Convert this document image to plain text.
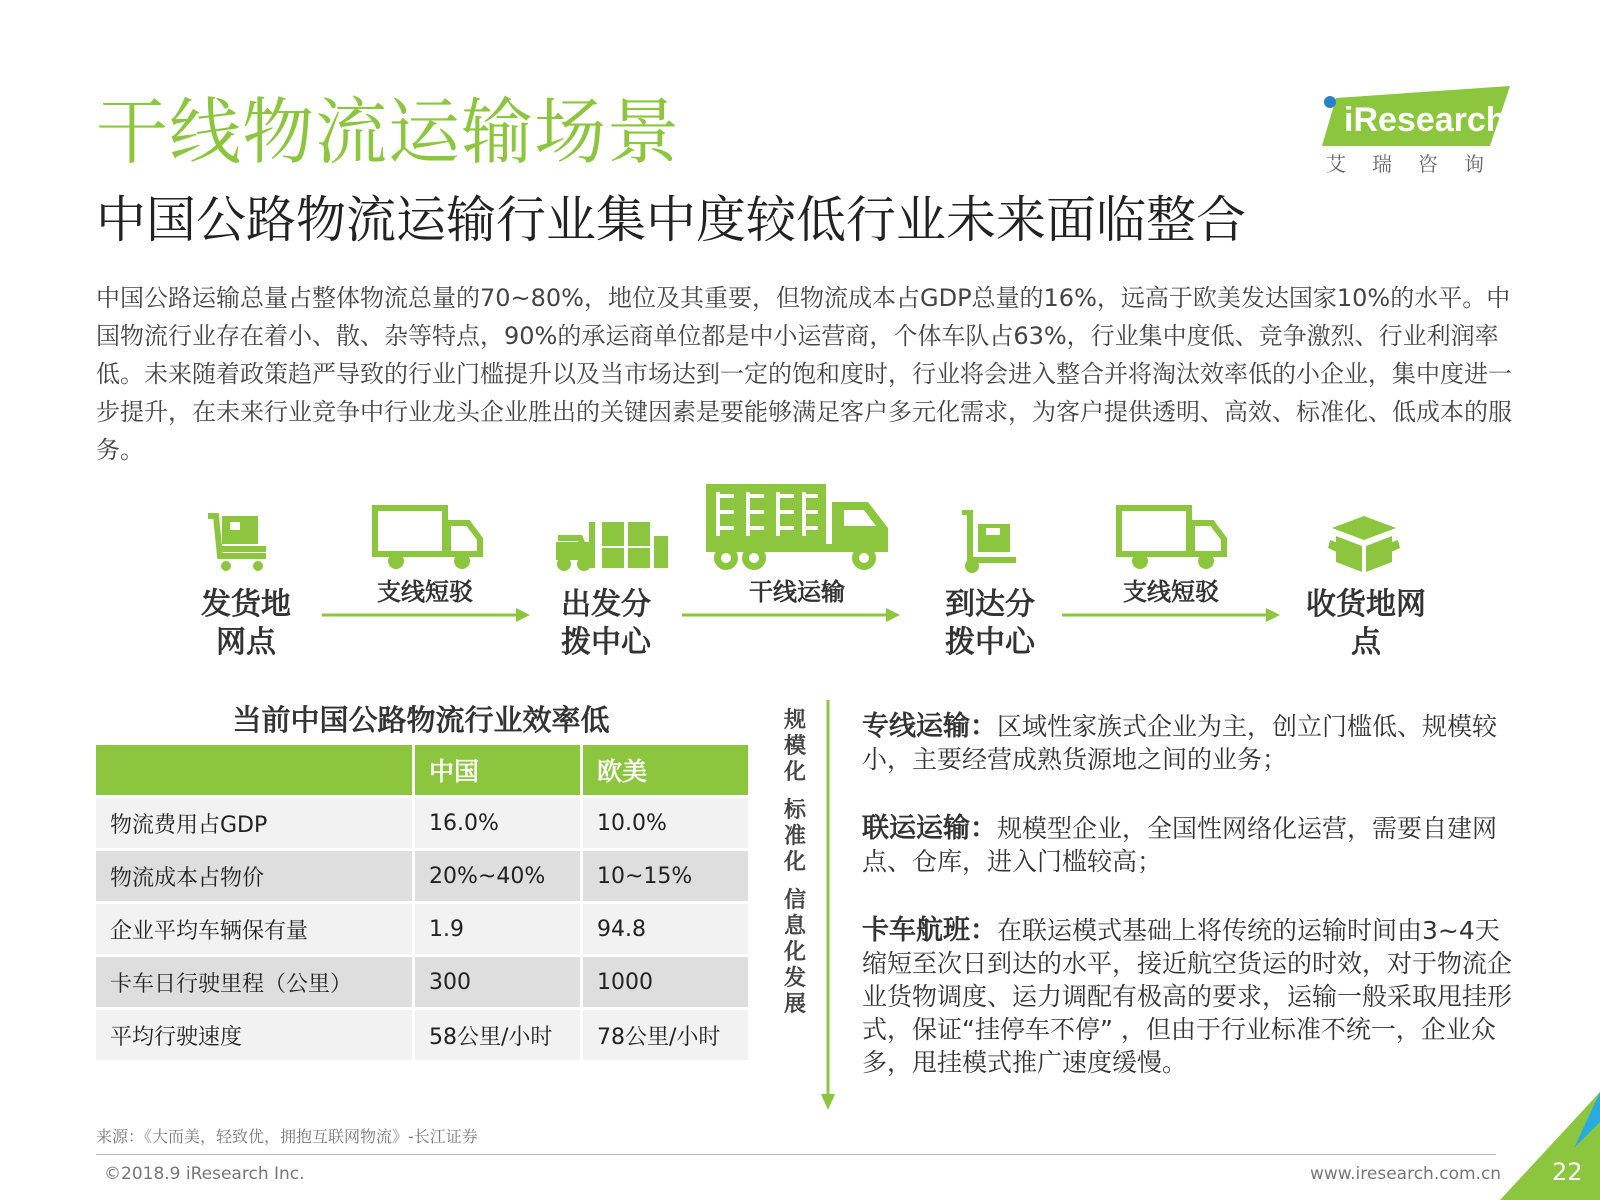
干线物流运输场景
中国公路物流运输行业集中度较低行业未来面临整合
iResearch
艾瑞咨询
中国公路运输总量占整体物流总量的70~80%，地位及其重要，但物流成本占GDP总量的16%，远高于欧美发达国家10%的水平。中国物流行业存在着小、散、杂等特点，90%的承运商单位都是中小运营商，个体车队占63%，行业集中度低、竞争激烈、行业利润率低。未来随着政策趋严导致的行业门槛提升以及当市场达到一定的饱和度时，行业将会进入整合并将淘汰效率低的小企业，集中度进一步提升，在未来行业竞争中行业龙头企业胜出的关键因素是要能够满足客户多元化需求，为客户提供透明、高效、标准化、低成本的服务。
发货地
网点
出发分
拨中心
到达分
拨中心
收货地网
点
支线短驳	干线运输	支线短驳
当前中国公路物流行业效率低
	中国	欧美
物流费用占GDP	16.0%	10.0%
物流成本占物价	20%~40%	10~15%
企业平均车辆保有量	1.9	94.8
卡车日行驶里程（公里）	300	1000
平均行驶速度	58公里/小时	78公里/小时
规模化
标准化
信息化发展
专线运输：区域性家族式企业为主，创立门槛低、规模较小，主要经营成熟货源地之间的业务；
联运运输：规模型企业，全国性网络化运营，需要自建网点、仓库，进入门槛较高；
卡车航班：在联运模式基础上将传统的运输时间由3~4天缩短至次日到达的水平，接近航空货运的时效，对于物流企业货物调度、运力调配有极高的要求，运输一般采取甩挂形式，保证“挂停车不停” ，但由于行业标准不统一，企业众多，甩挂模式推广速度缓慢。
来源：《大而美，轻致优，拥抱互联网物流》-长江证券
©2018.9 iResearch Inc.	www.iresearch.com.cn 22
